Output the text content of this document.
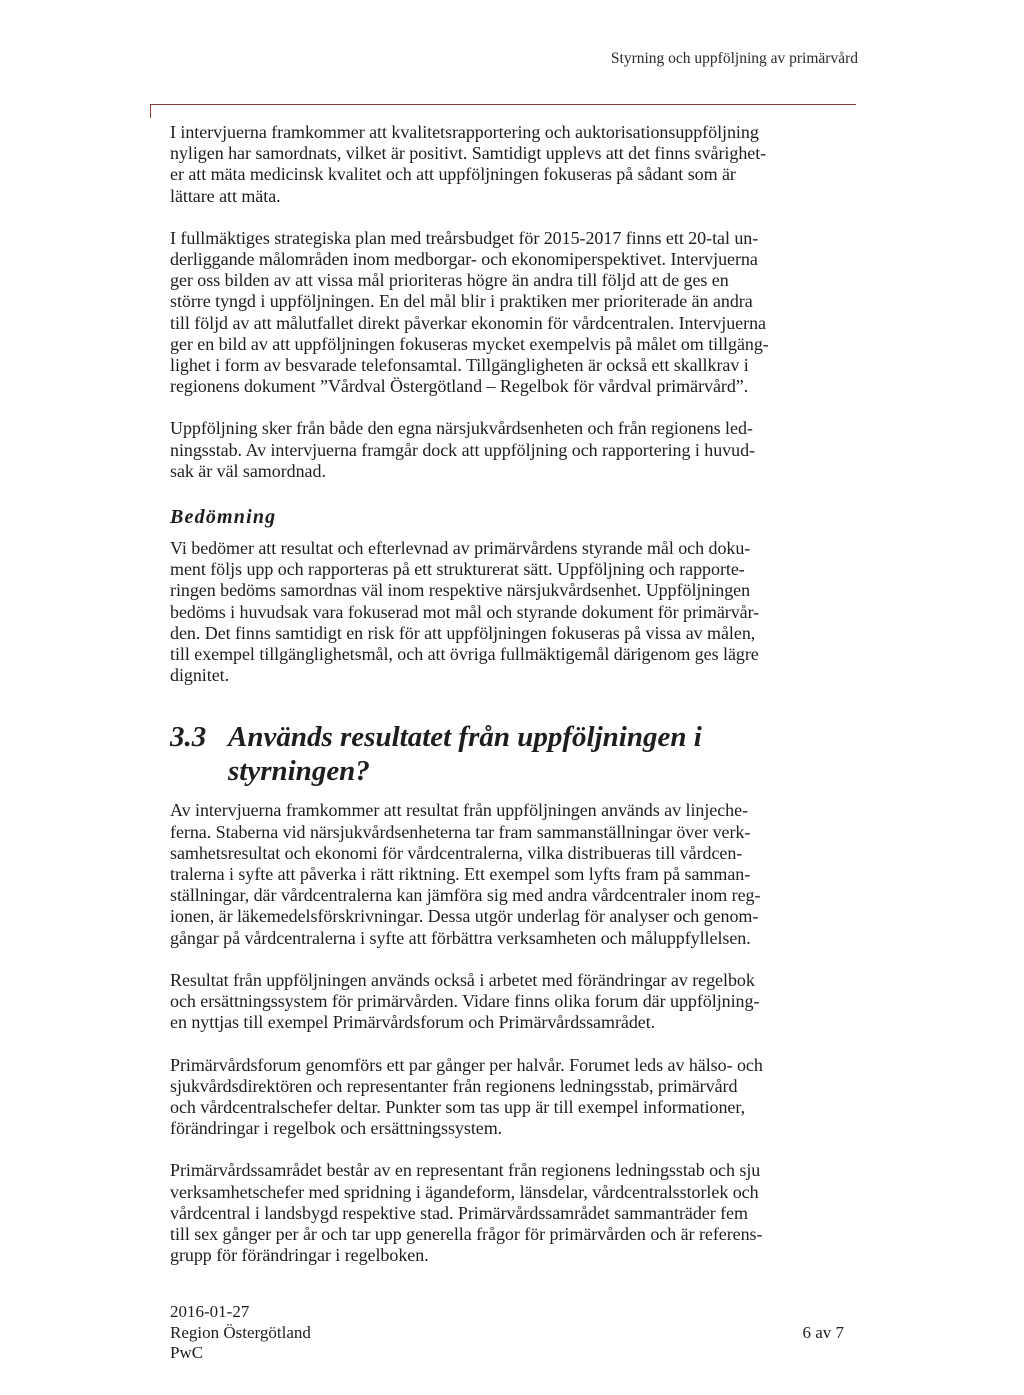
Styrning och uppföljning av primärvård

I intervjuerna framkommer att kvalitetsrapportering och auktorisationsuppföljning
nyligen har samordnats, vilket är positivt. Samtidigt upplevs att det finns svårighet-
er att mäta medicinsk kvalitet och att uppföljningen fokuseras på sådant som är
lättare att mäta.

I fullmäktiges strategiska plan med treårsbudget för 2015-2017 finns ett 20-tal un-
derliggande målområden inom medborgar- och ekonomiperspektivet. Intervjuerna
ger oss bilden av att vissa mål prioriteras högre än andra till följd att de ges en
större tyngd i uppföljningen. En del mål blir i praktiken mer prioriterade än andra
till följd av att målutfallet direkt påverkar ekonomin för vårdcentralen. Intervjuerna
ger en bild av att uppföljningen fokuseras mycket exempelvis på målet om tillgäng-
lighet i form av besvarade telefonsamtal. Tillgängligheten är också ett skallkrav i
regionens dokument ”Vårdval Östergötland – Regelbok för vårdval primärvård”.

Uppföljning sker från både den egna närsjukvårdsenheten och från regionens led-
ningsstab. Av intervjuerna framgår dock att uppföljning och rapportering i huvud-
sak är väl samordnad.

Bedömning

Vi bedömer att resultat och efterlevnad av primärvårdens styrande mål och doku-
ment följs upp och rapporteras på ett strukturerat sätt. Uppföljning och rapporte-
ringen bedöms samordnas väl inom respektive närsjukvårdsenhet. Uppföljningen
bedöms i huvudsak vara fokuserad mot mål och styrande dokument för primärvår-
den. Det finns samtidigt en risk för att uppföljningen fokuseras på vissa av målen,
till exempel tillgänglighetsmål, och att övriga fullmäktigemål därigenom ges lägre
dignitet.

3.3 Används resultatet från uppföljningen i
styrningen?

Av intervjuerna framkommer att resultat från uppföljningen används av linjeche-
ferna. Staberna vid närsjukvårdsenheterna tar fram sammanställningar över verk-
samhetsresultat och ekonomi för vårdcentralerna, vilka distribueras till vårdcen-
tralerna i syfte att påverka i rätt riktning. Ett exempel som lyfts fram på samman-
ställningar, där vårdcentralerna kan jämföra sig med andra vårdcentraler inom reg-
ionen, är läkemedelsförskrivningar. Dessa utgör underlag för analyser och genom-
gångar på vårdcentralerna i syfte att förbättra verksamheten och måluppfyllelsen.

Resultat från uppföljningen används också i arbetet med förändringar av regelbok
och ersättningssystem för primärvården. Vidare finns olika forum där uppföljning-
en nyttjas till exempel Primärvårdsforum och Primärvårdssamrådet.

Primärvårdsforum genomförs ett par gånger per halvår. Forumet leds av hälso- och
sjukvårdsdirektören och representanter från regionens ledningsstab, primärvård
och vårdcentralschefer deltar. Punkter som tas upp är till exempel informationer,
förändringar i regelbok och ersättningssystem.

Primärvårdssamrådet består av en representant från regionens ledningsstab och sju
verksamhetschefer med spridning i ägandeform, länsdelar, vårdcentralsstorlek och
vårdcentral i landsbygd respektive stad. Primärvårdssamrådet sammanträder fem
till sex gånger per år och tar upp generella frågor för primärvården och är referens-
grupp för förändringar i regelboken.

2016-01-27
Region Östergötland
PwC
6 av 7
